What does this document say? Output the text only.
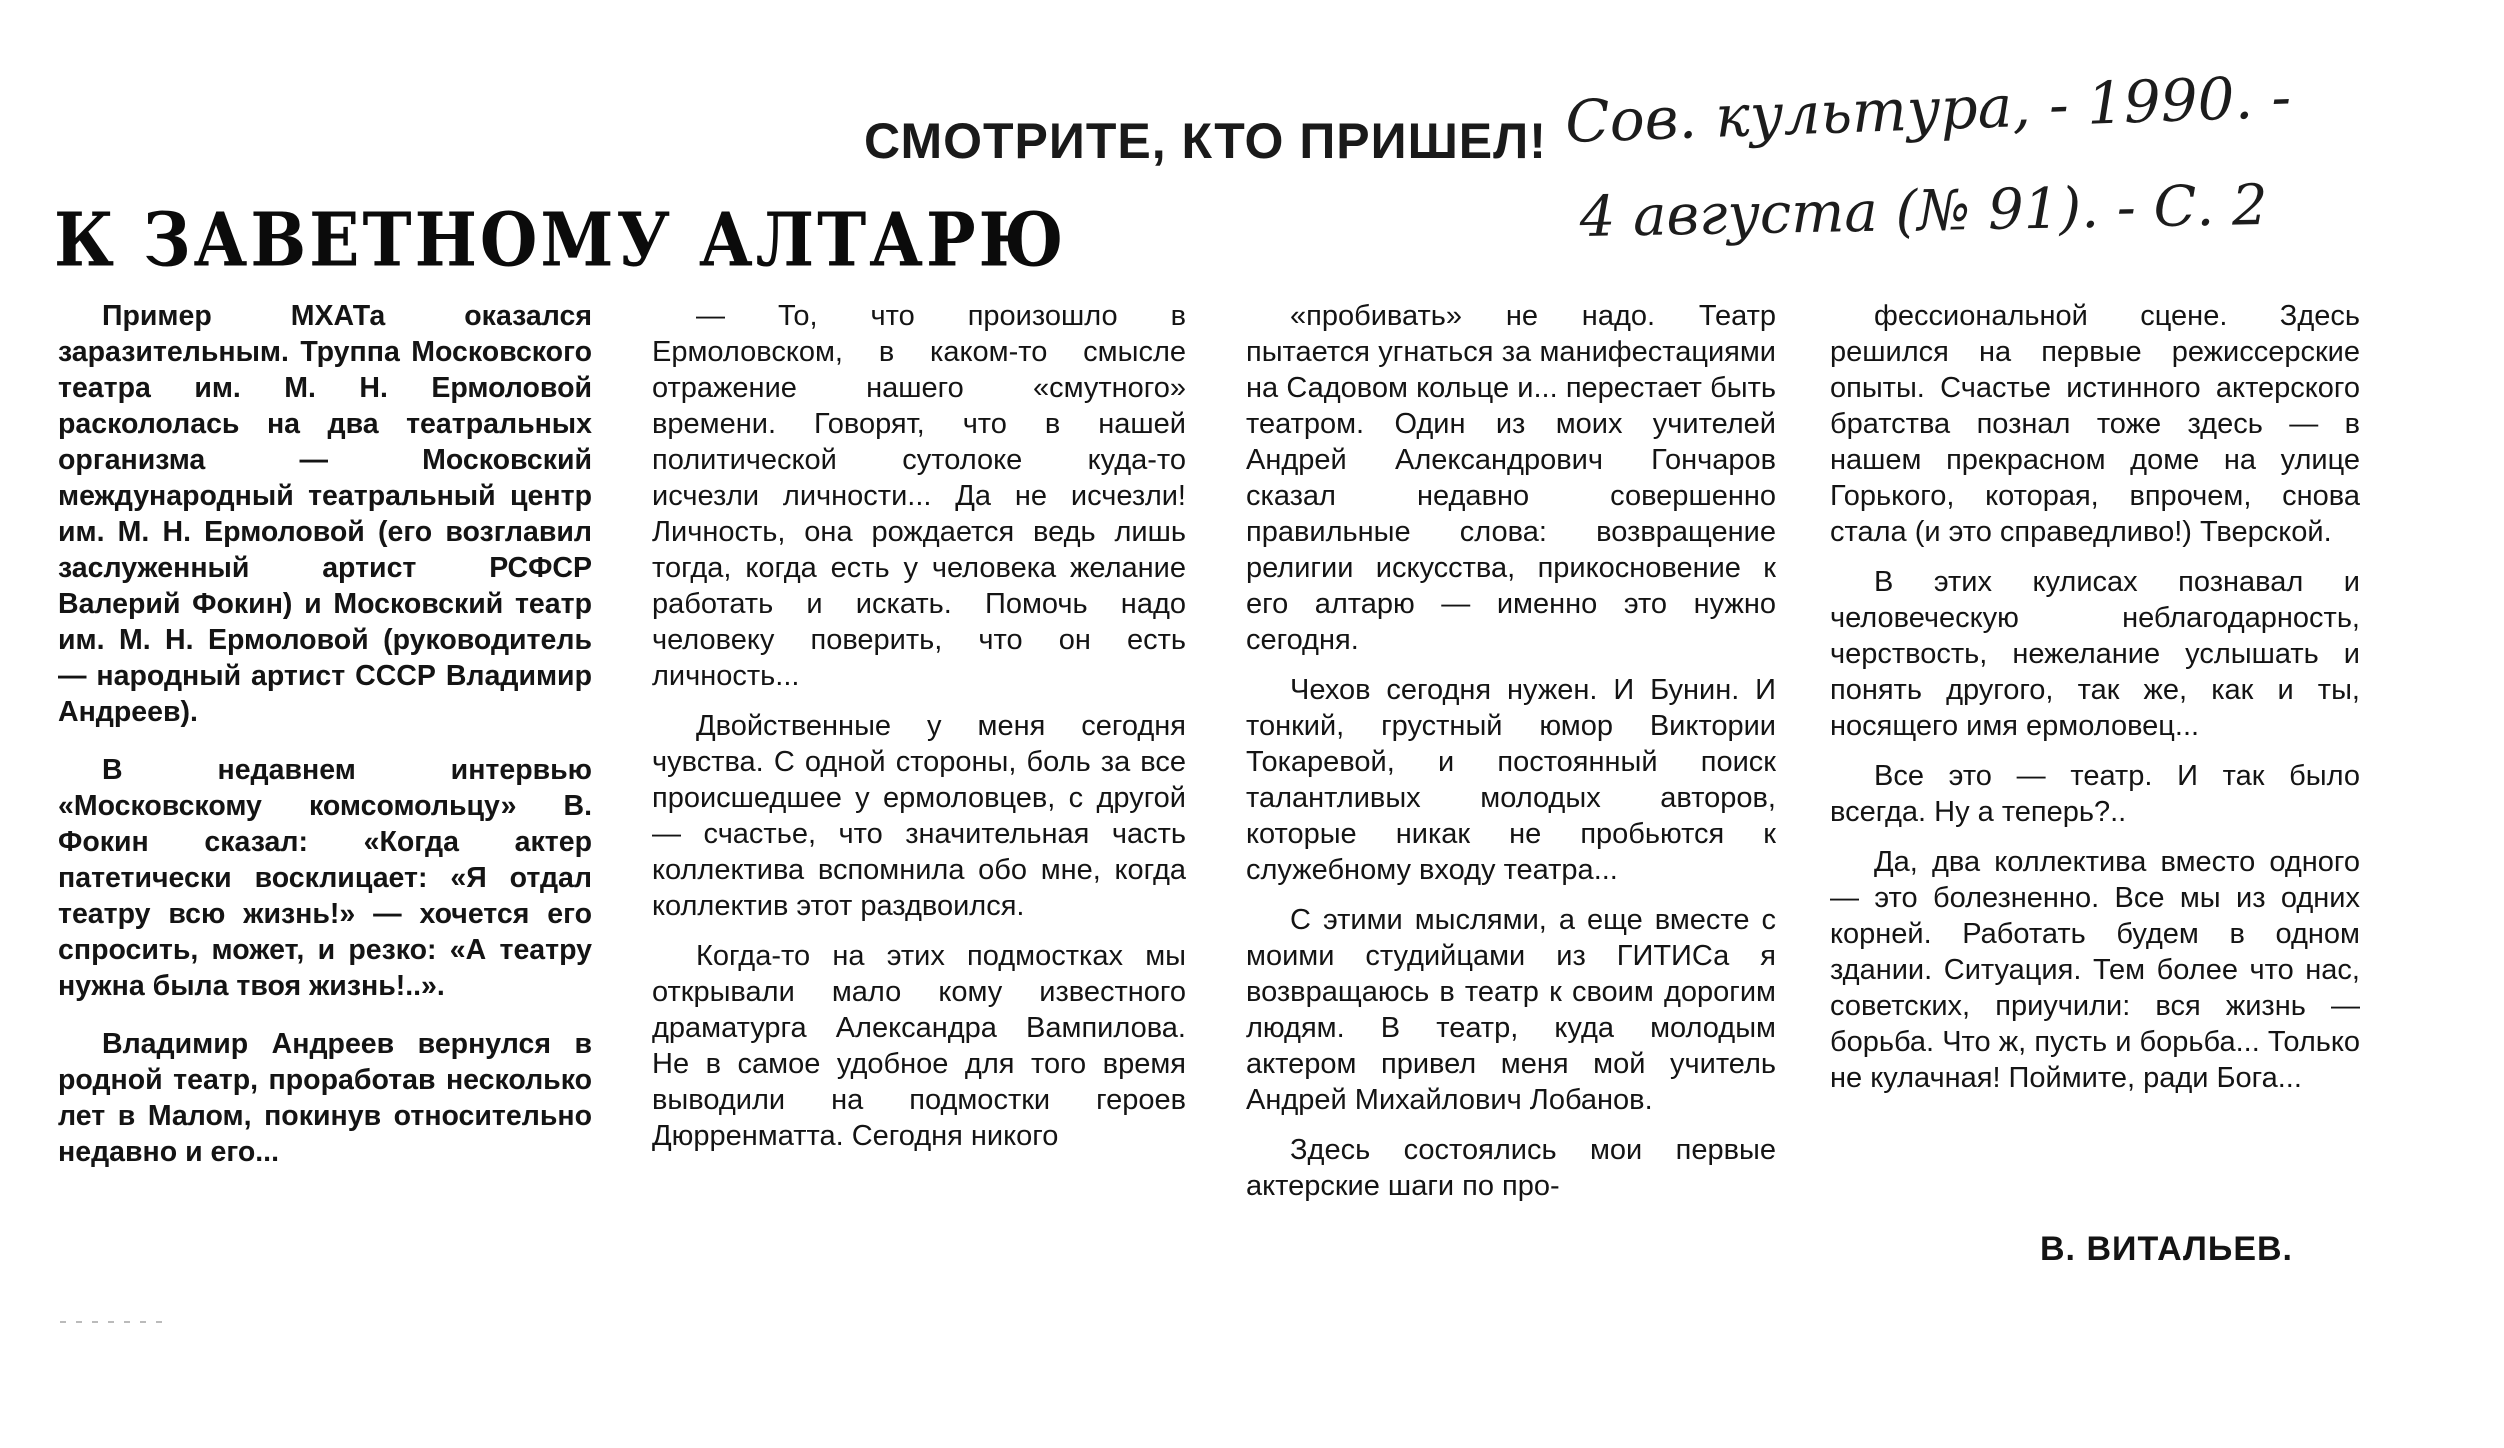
СМОТРИТЕ, КТО ПРИШЕЛ!
К ЗАВЕТНОМУ АЛТАРЮ
Сов. культура, - 1990. -
4 августа (№ 91). - С. 2

Пример МХАТа оказался заразительным. Труппа Московского театра им. М. Н. Ермоловой раскололась на два театральных организма — Московский международный театральный центр им. М. Н. Ермоловой (его возглавил заслуженный артист РСФСР Валерий Фокин) и Московский театр им. М. Н. Ермоловой (руководитель — народный артист СССР Владимир Андреев).

В недавнем интервью «Московскому комсомольцу» В. Фокин сказал: «Когда актер патетически восклицает: «Я отдал театру всю жизнь!» — хочется его спросить, может, и резко: «А театру нужна была твоя жизнь!..».

Владимир Андреев вернулся в родной театр, проработав несколько лет в Малом, покинув относительно недавно и его...

— То, что произошло в Ермоловском, в каком-то смысле отражение нашего «смутного» времени. Говорят, что в нашей политической сутолоке куда-то исчезли личности... Да не исчезли! Личность, она рождается ведь лишь тогда, когда есть у человека желание работать и искать. Помочь надо человеку поверить, что он есть личность...

Двойственные у меня сегодня чувства. С одной стороны, боль за все происшедшее у ермоловцев, с другой — счастье, что значительная часть коллектива вспомнила обо мне, когда коллектив этот раздвоился.

Когда-то на этих подмостках мы открывали мало кому известного драматурга Александра Вампилова. Не в самое удобное для того время выводили на подмостки героев Дюрренматта. Сегодня никого

«пробивать» не надо. Театр пытается угнаться за манифестациями на Садовом кольце и... перестает быть театром. Один из моих учителей Андрей Александрович Гончаров сказал недавно совершенно правильные слова: возвращение религии искусства, прикосновение к его алтарю — именно это нужно сегодня.

Чехов сегодня нужен. И Бунин. И тонкий, грустный юмор Виктории Токаревой, и постоянный поиск талантливых молодых авторов, которые никак не пробьются к служебному входу театра...

С этими мыслями, а еще вместе с моими студийцами из ГИТИСа я возвращаюсь в театр к своим дорогим людям. В театр, куда молодым актером привел меня мой учитель Андрей Михайлович Лобанов.

Здесь состоялись мои первые актерские шаги по про-

фессиональной сцене. Здесь решился на первые режиссерские опыты. Счастье истинного актерского братства познал тоже здесь — в нашем прекрасном доме на улице Горького, которая, впрочем, снова стала (и это справедливо!) Тверской.

В этих кулисах познавал и человеческую неблагодарность, черствость, нежелание услышать и понять другого, так же, как и ты, носящего имя ермоловец...

Все это — театр. И так было всегда. Ну а теперь?..

Да, два коллектива вместо одного — это болезненно. Все мы из одних корней. Работать будем в одном здании. Ситуация. Тем более что нас, советских, приучили: вся жизнь — борьба. Что ж, пусть и борьба... Только не кулачная! Поймите, ради Бога...

В. ВИТАЛЬЕВ.
